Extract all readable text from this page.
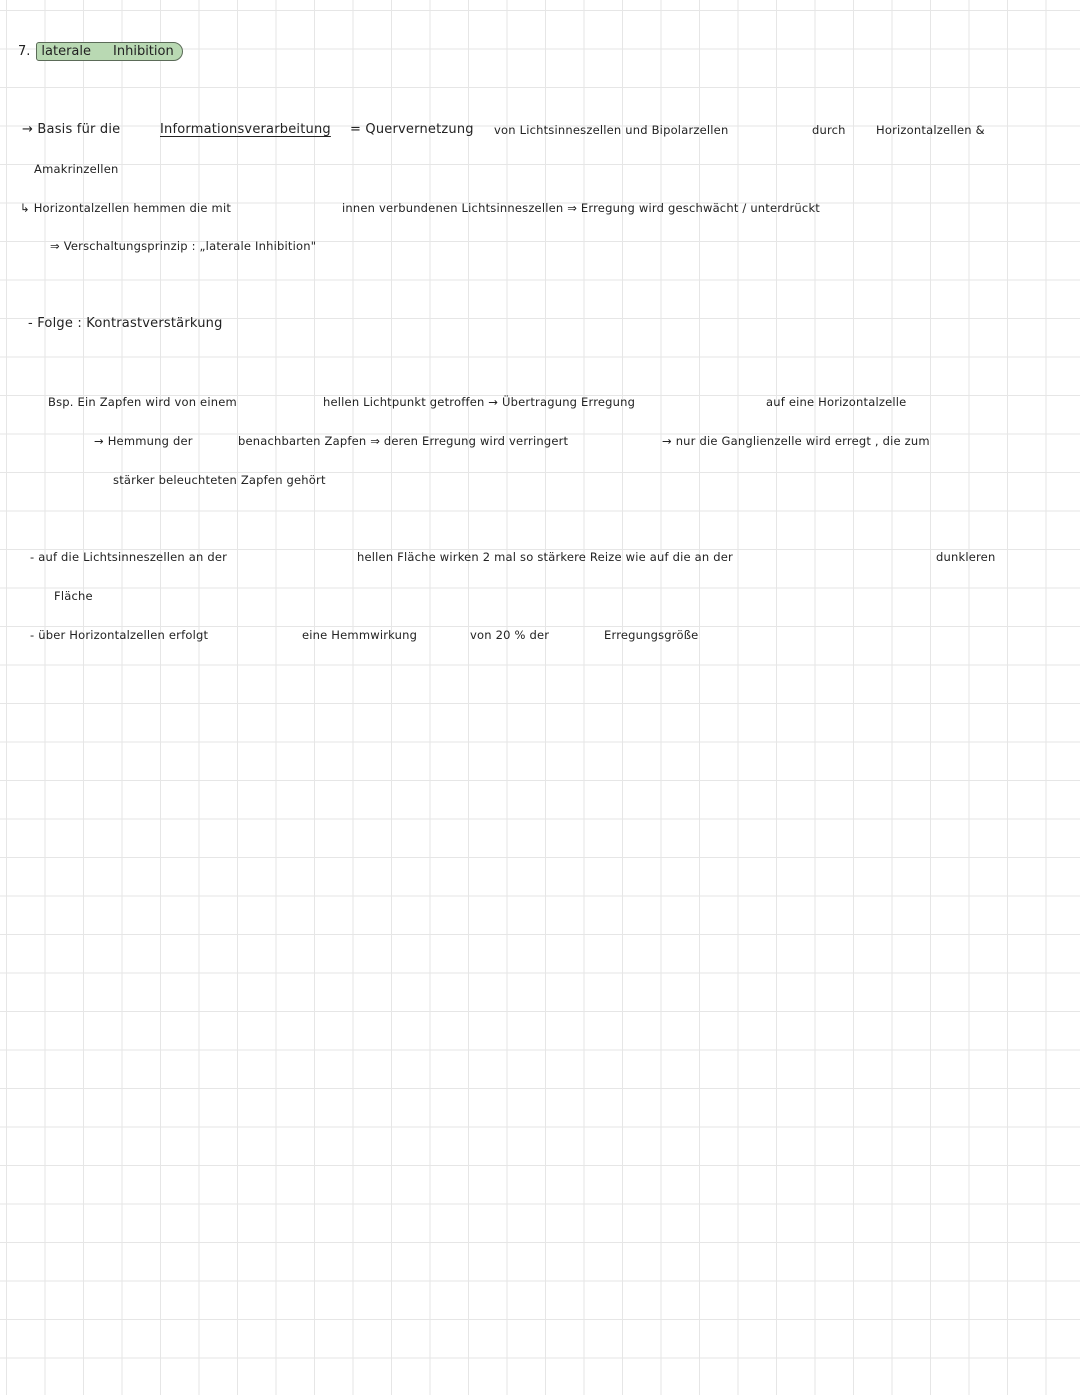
7. laterale Inhibition
→ Basis für die	Informationsverarbeitung = Quervernetzung von Lichtsinneszellen und Bipolarzellen	durch	Horizontalzellen &
Amakrinzellen
↳ Horizontalzellen hemmen die mit	innen verbundenen Lichtsinneszellen ⇒ Erregung wird geschwächt / unterdrückt
⇒ Verschaltungsprinzip : „laterale Inhibition"
- Folge : Kontrastverstärkung
Bsp. Ein Zapfen wird von einem	hellen Lichtpunkt getroffen → Übertragung Erregung	auf eine Horizontalzelle
→ Hemmung der	benachbarten Zapfen ⇒ deren Erregung wird verringert	→ nur die Ganglienzelle wird erregt , die zum
stärker beleuchteten Zapfen gehört
- auf die Lichtsinneszellen an der	hellen Fläche wirken 2 mal so stärkere Reize wie auf die an der	dunkleren
Fläche
- über Horizontalzellen erfolgt	eine Hemmwirkung	von 20 % der	Erregungsgröße
